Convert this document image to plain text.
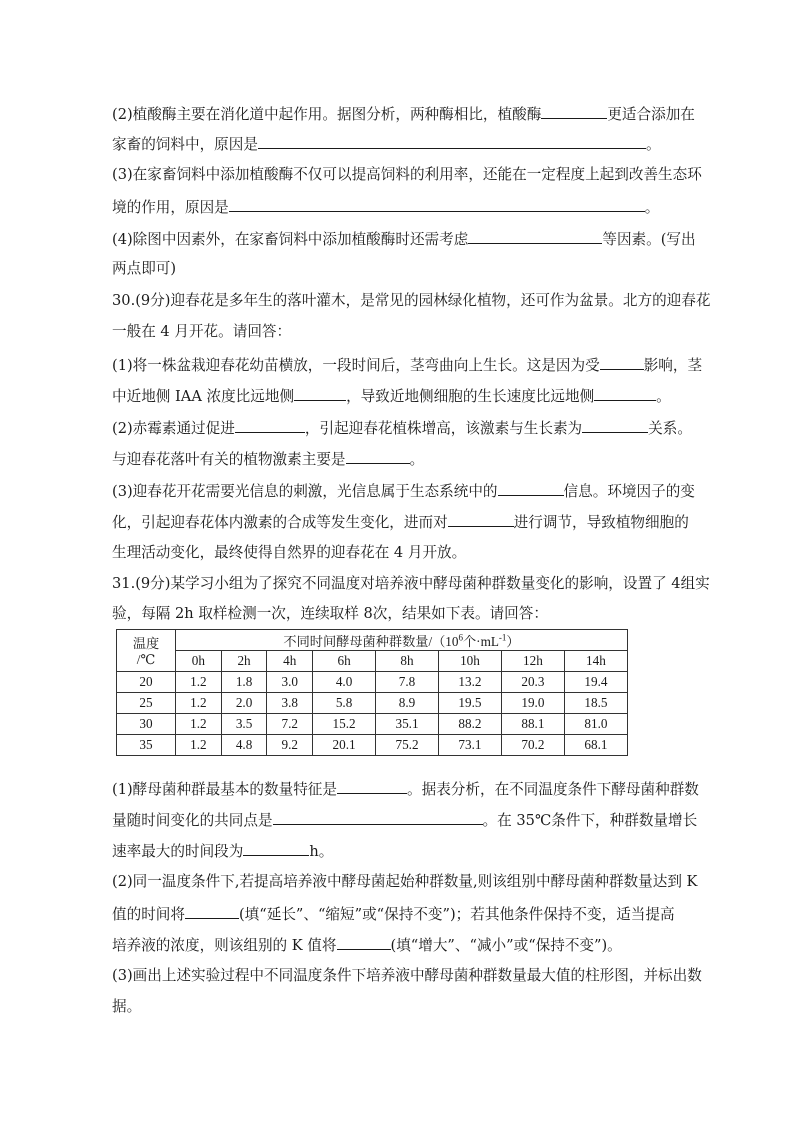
(2)植酸酶主要在消化道中起作用。据图分析，两种酶相比，植酸酶	更适合添加在
家畜的饲料中，原因是	。
(3)在家畜饲料中添加植酸酶不仅可以提高饲料的利用率，还能在一定程度上起到改善生态环
境的作用，原因是	。
(4)除图中因素外，在家畜饲料中添加植酸酶时还需考虑	等因素。(写出
两点即可)
30.(9分)迎春花是多年生的落叶灌木，是常见的园林绿化植物，还可作为盆景。北方的迎春花
一般在 4 月开花。请回答：
(1)将一株盆栽迎春花幼苗横放，一段时间后，茎弯曲向上生长。这是因为受	影响，茎
中近地侧 IAA 浓度比远地侧	，导致近地侧细胞的生长速度比远地侧	。
(2)赤霉素通过促进	，引起迎春花植株增高，该激素与生长素为	关系。
与迎春花落叶有关的植物激素主要是	。
(3)迎春花开花需要光信息的刺激，光信息属于生态系统中的	信息。环境因子的变
化，引起迎春花体内激素的合成等发生变化，进而对	进行调节，导致植物细胞的
生理活动变化，最终使得自然界的迎春花在 4 月开放。
31.(9分)某学习小组为了探究不同温度对培养液中酵母菌种群数量变化的影响，设置了 4组实
验，每隔 2h 取样检测一次，连续取样 8次，结果如下表。请回答：
温度
/℃	不同时间酵母菌种群数量$/(10^6$个$\cdot mL^{-1}$）							
	0h	2h	4h	6h	8h	10h	12h	14h
20	1.2	1.8	3.0	4.0	7.8	13.2	20.3	19.4
25	1.2	2.0	3.8	5.8	8.9	19.5	19.0	18.5
30	1.2	3.5	7.2	15.2	35.1	88.2	88.1	81.0
35	1.2	4.8	9.2	20.1	75.2	73.1	70.2	68.1
(1)酵母菌种群最基本的数量特征是	。据表分析，在不同温度条件下酵母菌种群数
量随时间变化的共同点是	。在 35℃条件下，种群数量增长
速率最大的时间段为	h。
(2)同一温度条件下,若提高培养液中酵母菌起始种群数量,则该组别中酵母菌种群数量达到 K
值的时间将	(填“延长”、“缩短”或“保持不变”)；若其他条件保持不变，适当提高
培养液的浓度，则该组别的 K 值将	(填“增大”、“减小”或“保持不变”)。
(3)画出上述实验过程中不同温度条件下培养液中酵母菌种群数量最大值的柱形图，并标出数
据。
